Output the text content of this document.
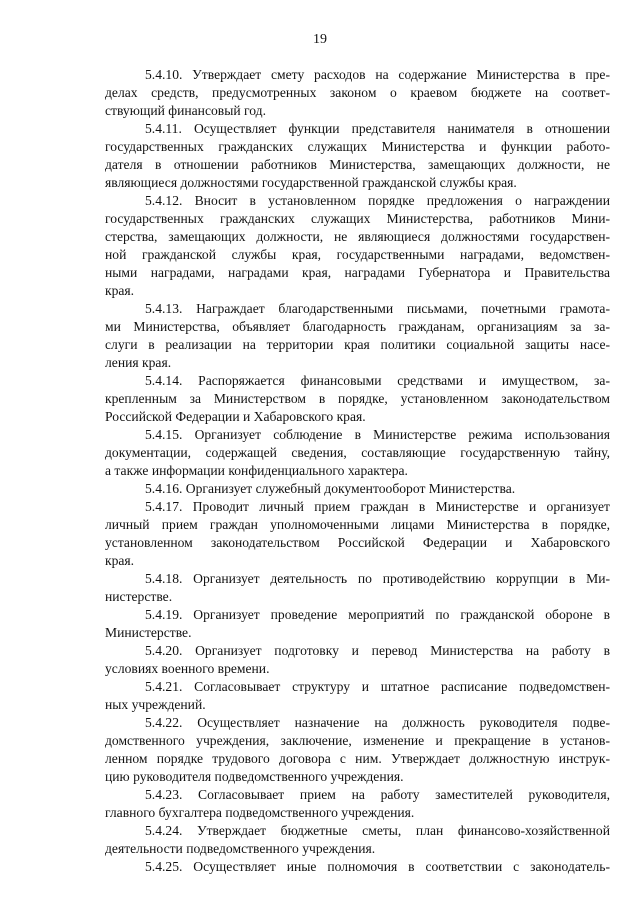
19

5.4.10. Утверждает смету расходов на содержание Министерства в пре-
делах средств, предусмотренных законом о краевом бюджете на соответ-
ствующий финансовый год.

5.4.11. Осуществляет функции представителя нанимателя в отношении
государственных гражданских служащих Министерства и функции работо-
дателя в отношении работников Министерства, замещающих должности, не
являющиеся должностями государственной гражданской службы края.

5.4.12. Вносит в установленном порядке предложения о награждении
государственных гражданских служащих Министерства, работников Мини-
стерства, замещающих должности, не являющиеся должностями государствен-
ной гражданской службы края, государственными наградами, ведомствен-
ными наградами, наградами края, наградами Губернатора и Правительства
края.

5.4.13. Награждает благодарственными письмами, почетными грамота-
ми Министерства, объявляет благодарность гражданам, организациям за за-
слуги в реализации на территории края политики социальной защиты насе-
ления края.

5.4.14. Распоряжается финансовыми средствами и имуществом, за-
крепленным за Министерством в порядке, установленном законодательством
Российской Федерации и Хабаровского края.

5.4.15. Организует соблюдение в Министерстве режима использования
документации, содержащей сведения, составляющие государственную тайну,
а также информации конфиденциального характера.

5.4.16. Организует служебный документооборот Министерства.

5.4.17. Проводит личный прием граждан в Министерстве и организует
личный прием граждан уполномоченными лицами Министерства в порядке,
установленном законодательством Российской Федерации и Хабаровского
края.

5.4.18. Организует деятельность по противодействию коррупции в Ми-
нистерстве.

5.4.19. Организует проведение мероприятий по гражданской обороне в
Министерстве.

5.4.20. Организует подготовку и перевод Министерства на работу в
условиях военного времени.

5.4.21. Согласовывает структуру и штатное расписание подведомствен-
ных учреждений.

5.4.22. Осуществляет назначение на должность руководителя подве-
домственного учреждения, заключение, изменение и прекращение в установ-
ленном порядке трудового договора с ним. Утверждает должностную инструк-
цию руководителя подведомственного учреждения.

5.4.23. Согласовывает прием на работу заместителей руководителя,
главного бухгалтера подведомственного учреждения.

5.4.24. Утверждает бюджетные сметы, план финансово-хозяйственной
деятельности подведомственного учреждения.

5.4.25. Осуществляет иные полномочия в соответствии с законодатель-
